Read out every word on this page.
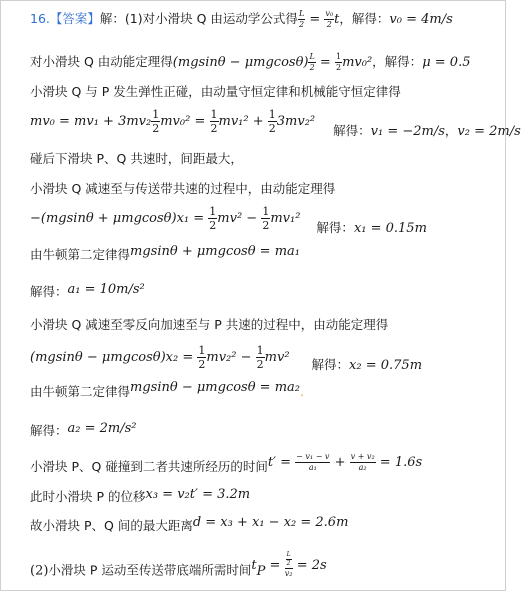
16.【答案】解：(1)对小滑块 Q 由运动学公式得 $\frac{L}{2} = \frac{\text{v₀}}{2}$ t，解得：v₀ = 4m/s
对小滑块 Q 由动能定理得$(mgsin\theta - \mu mgcos\theta) \frac{L}{2} = \frac{1}{2} mv_0^2$，解得：μ = 0.5
小滑块 Q 与 P 发生弹性正碰，由动量守恒定律和机械能守恒定律得
$mv_0 = mv_1 + 3mv_2 \frac{1}{2} mv_0^2 = \frac{1}{2} mv_1^2 + \frac{1}{2} 3mv_2^2$ 解得：v₁ = −2m/s，v₂ = 2m/s
碰后下滑块 P、Q 共速时，间距最大，
小滑块 Q 减速至与传送带共速的过程中，由动能定理得
$-(mgsin\theta + \mu mgcos\theta)x_1 = \frac{1}{2} mv^2 - \frac{1}{2} mv_1^2$ 解得：x₁ = 0.15m
由牛顿第二定律得mgsinθ + μmgcosθ = ma₁
解得：a₁ = 10m/s²
小滑块 Q 减速至零反向加速至与 P 共速的过程中，由动能定理得
$(mgsin\theta - \mu mgcos\theta)x_2 = \frac{1}{2} mv_2^2 - \frac{1}{2} mv^2$ 解得：x₂ = 0.75m
由牛顿第二定律得mgsinθ − μmgcosθ = ma₂.
解得：a₂ = 2m/s²
小滑块 P、Q 碰撞到二者共速所经历的时间$t' = \frac{\text{− v₁ − v}}{\text{a₁}} + \frac{\text{v + v₂}}{\text{a₂}} = 1.6s$
此时小滑块 P 的位移x₃ = v₂t′ = 3.2m
故小滑块 P、Q 间的最大距离d = x₃ + x₁ − x₂ = 2.6m
(2)小滑块 P 运动至传送带底端所需时间$t_P = \frac{\frac{L}{2}}{\text{v₂}} = 2s$
